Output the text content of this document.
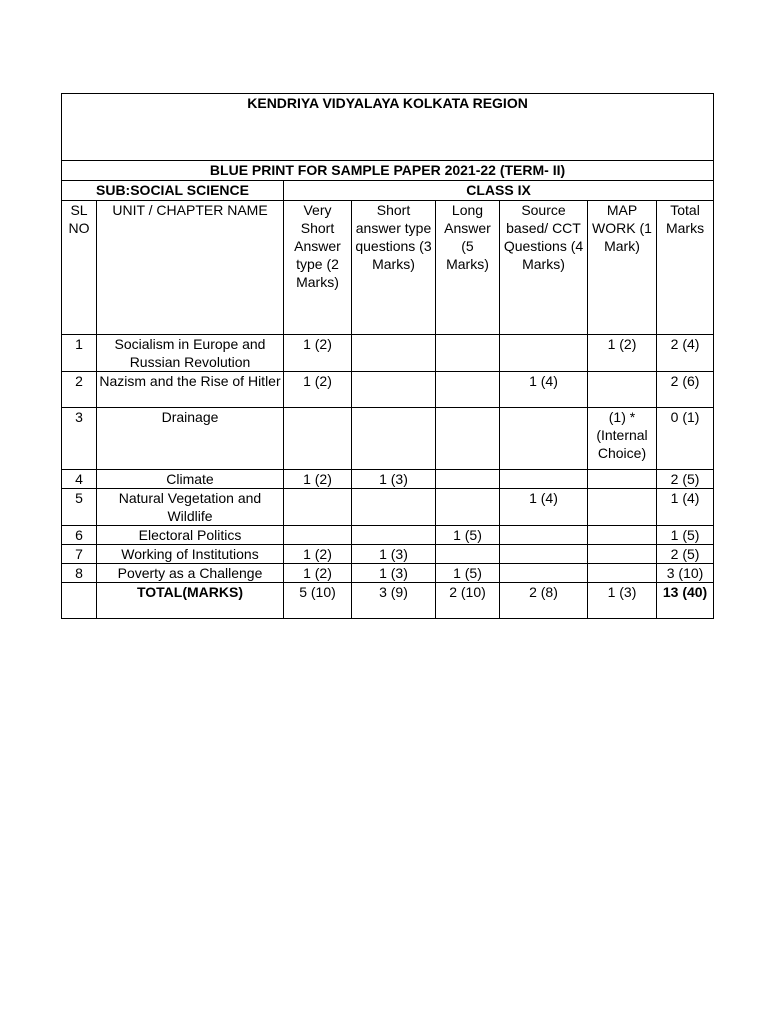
KENDRIYA VIDYALAYA KOLKATA REGION							
BLUE PRINT FOR SAMPLE PAPER 2021-22 (TERM- II)							
SUB:SOCIAL SCIENCE		CLASS IX					
SL NO	UNIT / CHAPTER NAME	Very Short Answer type (2 Marks)	Short answer type questions (3 Marks)	Long Answer (5 Marks)	Source based/ CCT Questions (4 Marks)	MAP WORK (1 Mark)	Total Marks
1	Socialism in Europe and Russian Revolution	1 (2)				1 (2)	2 (4)
2	Nazism and the Rise of Hitler	1 (2)			1 (4)		2 (6)
3	Drainage					(1) * (Internal Choice)	0 (1)
4	Climate	1 (2)	1 (3)				2 (5)
5	Natural Vegetation and Wildlife				1 (4)		1 (4)
6	Electoral Politics			1 (5)			1 (5)
7	Working of Institutions	1 (2)	1 (3)				2 (5)
8	Poverty as a Challenge	1 (2)	1 (3)	1 (5)			3 (10)
	TOTAL(MARKS)	5 (10)	3 (9)	2 (10)	2 (8)	1 (3)	13 (40)
